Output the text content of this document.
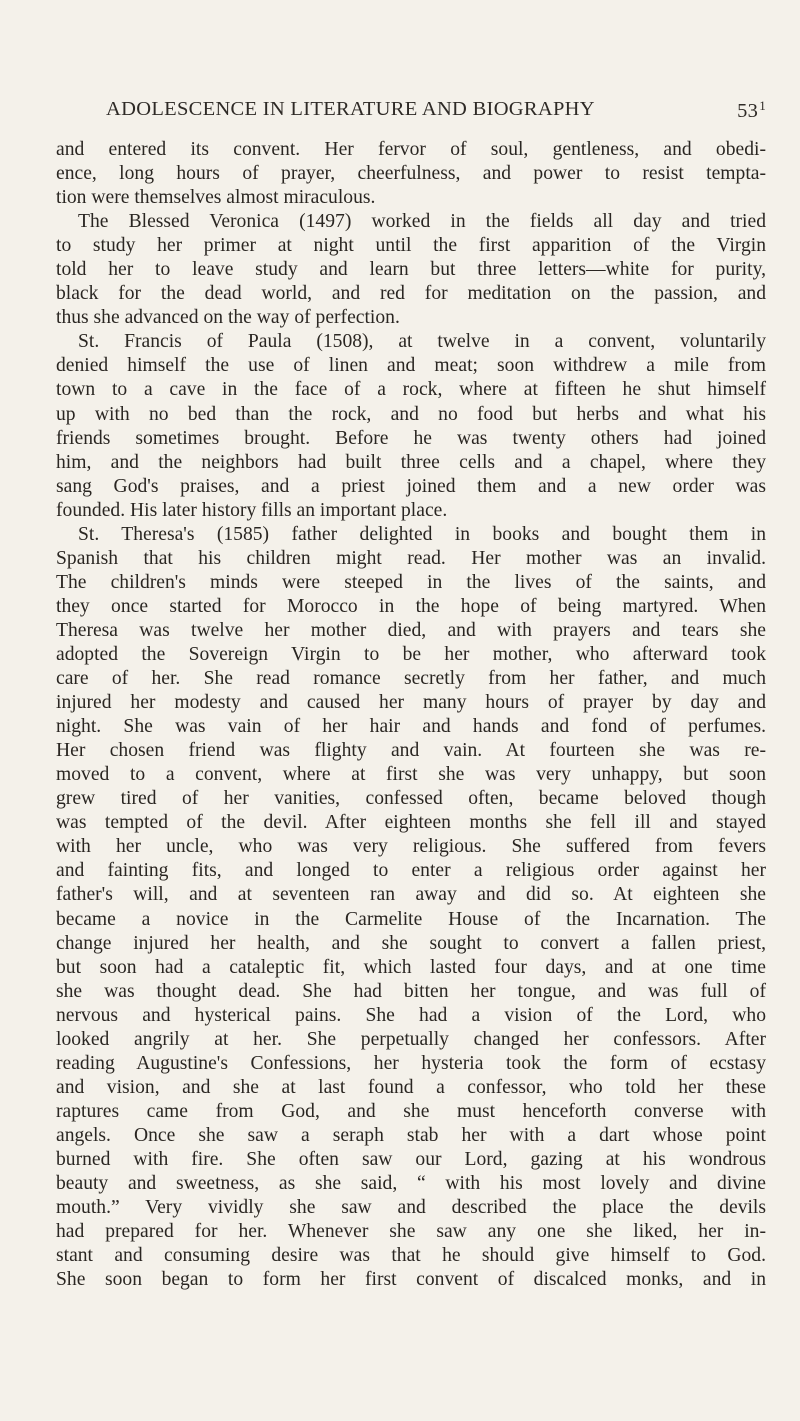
ADOLESCENCE IN LITERATURE AND BIOGRAPHY	$53^1$
and entered its convent. Her fervor of soul, gentleness, and obedi-
ence, long hours of prayer, cheerfulness, and power to resist tempta-
tion were themselves almost miraculous.
The Blessed Veronica (1497) worked in the fields all day and tried
to study her primer at night until the first apparition of the Virgin
told her to leave study and learn but three letters—white for purity,
black for the dead world, and red for meditation on the passion, and
thus she advanced on the way of perfection.
St. Francis of Paula (1508), at twelve in a convent, voluntarily
denied himself the use of linen and meat; soon withdrew a mile from
town to a cave in the face of a rock, where at fifteen he shut himself
up with no bed than the rock, and no food but herbs and what his
friends sometimes brought. Before he was twenty others had joined
him, and the neighbors had built three cells and a chapel, where they
sang God's praises, and a priest joined them and a new order was
founded. His later history fills an important place.
St. Theresa's (1585) father delighted in books and bought them in
Spanish that his children might read. Her mother was an invalid.
The children's minds were steeped in the lives of the saints, and
they once started for Morocco in the hope of being martyred. When
Theresa was twelve her mother died, and with prayers and tears she
adopted the Sovereign Virgin to be her mother, who afterward took
care of her. She read romance secretly from her father, and much
injured her modesty and caused her many hours of prayer by day and
night. She was vain of her hair and hands and fond of perfumes.
Her chosen friend was flighty and vain. At fourteen she was re-
moved to a convent, where at first she was very unhappy, but soon
grew tired of her vanities, confessed often, became beloved though
was tempted of the devil. After eighteen months she fell ill and stayed
with her uncle, who was very religious. She suffered from fevers
and fainting fits, and longed to enter a religious order against her
father's will, and at seventeen ran away and did so. At eighteen she
became a novice in the Carmelite House of the Incarnation. The
change injured her health, and she sought to convert a fallen priest,
but soon had a cataleptic fit, which lasted four days, and at one time
she was thought dead. She had bitten her tongue, and was full of
nervous and hysterical pains. She had a vision of the Lord, who
looked angrily at her. She perpetually changed her confessors. After
reading Augustine's Confessions, her hysteria took the form of ecstasy
and vision, and she at last found a confessor, who told her these
raptures came from God, and she must henceforth converse with
angels. Once she saw a seraph stab her with a dart whose point
burned with fire. She often saw our Lord, gazing at his wondrous
beauty and sweetness, as she said, “ with his most lovely and divine
mouth.” Very vividly she saw and described the place the devils
had prepared for her. Whenever she saw any one she liked, her in-
stant and consuming desire was that he should give himself to God.
She soon began to form her first convent of discalced monks, and in
